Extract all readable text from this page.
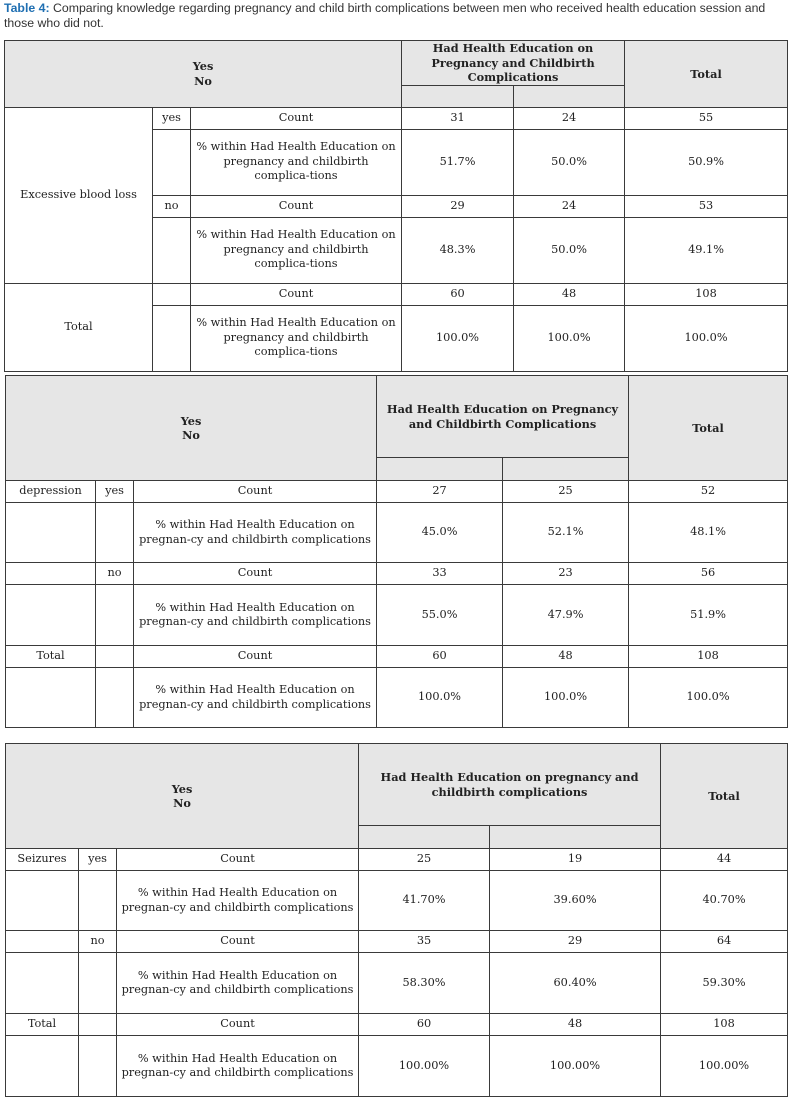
Table 4: Comparing knowledge regarding pregnancy and child birth complications between men who received health education session and those who did not.
Yes
No			Had Health Education on Pregnancy and Childbirth Complications		Total

Excessive blood loss	yes	Count	31	24	55
		% within Had Health Education on pregnancy and childbirth complica-tions	51.7%	50.0%	50.9%
	no	Count	29	24	53
		% within Had Health Education on pregnancy and childbirth complica-tions	48.3%	50.0%	49.1%
Total		Count	60	48	108
		% within Had Health Education on pregnancy and childbirth complica-tions	100.0%	100.0%	100.0%
Yes
No			Had Health Education on Pregnancy and Childbirth Complications		Total

depression	yes	Count	27	25	52
		% within Had Health Education on pregnan-cy and childbirth complications	45.0%	52.1%	48.1%
	no	Count	33	23	56
		% within Had Health Education on pregnan-cy and childbirth complications	55.0%	47.9%	51.9%
Total		Count	60	48	108
		% within Had Health Education on pregnan-cy and childbirth complications	100.0%	100.0%	100.0%
Yes
No			Had Health Education on pregnancy and childbirth complications		Total

Seizures	yes	Count	25	19	44
		% within Had Health Education on pregnan-cy and childbirth complications	41.70%	39.60%	40.70%
	no	Count	35	29	64
		% within Had Health Education on pregnan-cy and childbirth complications	58.30%	60.40%	59.30%
Total		Count	60	48	108
		% within Had Health Education on pregnan-cy and childbirth complications	100.00%	100.00%	100.00%
